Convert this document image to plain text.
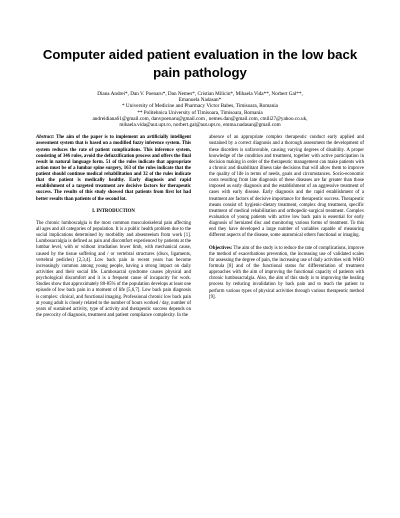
Computer aided patient evaluation in the low back pain pathology
Diana Andrei*, Dan V. Poenaru*, Dan Nemes*, Cristian Milicin*, Mihaela Vida**, Norbert Gal**,
Emanuela Nadasan*
* University of Medicine and Pharmacy Victor Babes, Timisoara, Romania
** Politehnica University of Timisoara, Timisoara, Romania
andreidiana61@gmail.com, danvpoenaru@gmail.com , nemes.dan@gmail.com, cmili27@yahoo.co.uk,
mihaela.vida@aut.upt.ro, norbert.gal@aut.upt.ro, emma.nadasan@gmail.com

Abstract: The aim of the paper is to implement an artificially intelligent assessment system that is based on a modified fuzzy inference system. This system reduces the rate of patient complications. This inference system, consisting of 346 rules, avoid the defuzzification process and offers the final result in natural language form. 51 of the rules indicate that appropriate action must be of a lumbar spine surgery, 163 of the rules indicate that the patient should continue medical rehabilitation and 32 of the rules indicate that the patient is medically healthy. Early diagnosis and rapid establishment of a targeted treatment are decisive factors for therapeutic success. The results of this study showed that patients from first lot had better results than patients of the second lot.

I. INTRODUCTION

The chronic lumboscalgia is the most common musculoskeletal pain affecting all ages and all categories of population. It is a public health problem due to the social implications determined by morbidity and absenteeism from work [1]. Lumbosacralgia is defined as pain and discomfort experienced by patients at the lumbar level, with or without irradiation lower limb, with mechanical cause, caused by the tissue suffering and / or vertebral structures (discs, ligaments, vertebral pedicles) [2,3,4]. Low back pain in recent years has become increasingly common among young people, having a strong impact on daily activities and their social life. Lumbosacral syndrome causes physical and psychological discomfort and it is a frequent cause of incapacity for work. Studies show that approximately 80-85% of the population develops at least one episode of low back pain in a moment of life [5,6,7]. Low back pain diagnosis is complex: clinical, and functional imaging. Professional chronic low back pain at young adult is closely related to the number of hours worked / day, number of years of sustained activity, type of activity and therapeutic success depends on the precocity of diagnosis, treatment and patient compliance complexity. In the

absence of an appropriate complex therapeutic conduct early applied and sustained by a correct diagnosis and a thorough assessment the development of these disorders is unfavorable, causing varying degrees of disability. A proper knowledge of the condition and treatment, together with active participation in decision making in order of the therapeutic management can make patients with a chronic and disabilitant illness take decisions that will allow them to improve the quality of life in terms of needs, goals and circumstances. Socio-economic costs resulting from late diagnosis of these diseases are far greater than those imposed as early diagnosis and the establishment of an aggressive treatment of cases with early disease. Early diagnosis and the rapid establishment of a treatment are factors of decisive importance for therapeutic success. Therapeutic means consist of: hygienic-dietary treatment, complex drug treatment, specific treatment of medical rehabilitation and orthopedic-surgical treatment. Complex evaluation of young patients with active low back pain is essential for early diagnosis of herniated disc and monitoring various forms of treatment. To this end they have developed a large number of variables capable of measuring different aspects of the disease, some anatomical others functional or imaging.

Objectives: The aim of the study is to reduce the rate of complications, improve the method of exacerbations prevention, the increasing use of validated scales for assessing the degree of pain, the increasing use of daily activities with WHO formula [8] and of the functional status for differentiation of treatment approaches with the aim of improving the functional capacity of patients with chronic lumbosacralgia. Also, the aim of this study is to improving the healing process by reducing invalidation by back pain and to teach the patient to perform various types of physical activities through various therapeutic method [9].
